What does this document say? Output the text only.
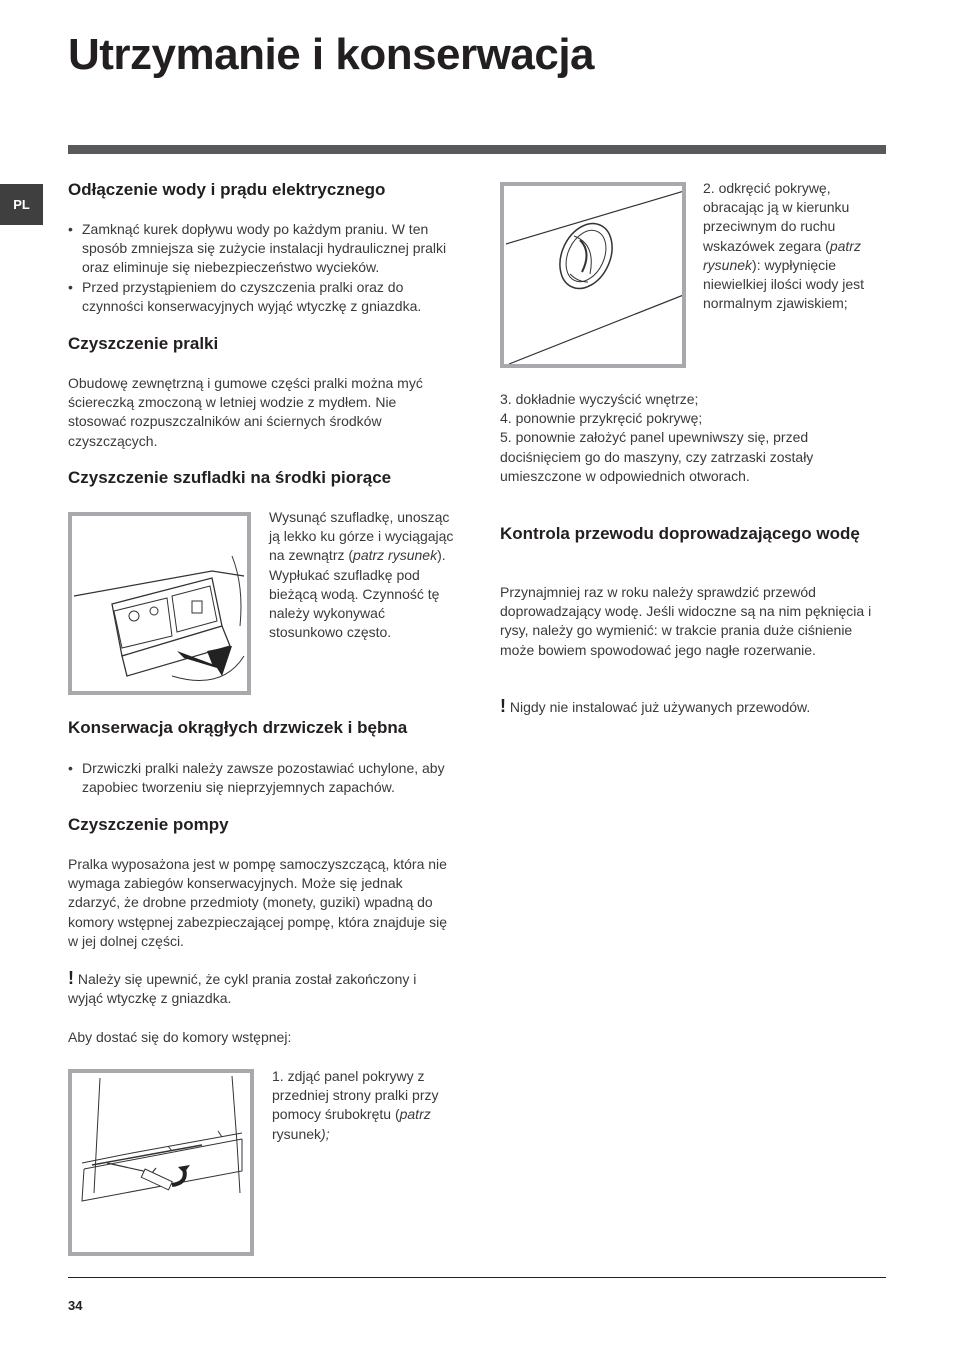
Utrzymanie i konserwacja
PL
Odłączenie wody i prądu elektrycznego
• Zamknąć kurek dopływu wody po każdym praniu. W ten sposób zmniejsza się zużycie instalacji hydraulicznej pralki oraz eliminuje się niebezpieczeństwo wycieków.
• Przed przystąpieniem do czyszczenia pralki oraz do czynności konserwacyjnych wyjąć wtyczkę z gniazdka.
Czyszczenie pralki

Obudowę zewnętrzną i gumowe części pralki można myć ściereczką zmoczoną w letniej wodzie z mydłem. Nie stosować rozpuszczalników ani ściernych środków czyszczących.

Czyszczenie szufladki na środki piorące

Wysunąć szufladkę, unosząc ją lekko ku górze i wyciągając na zewnątrz (patrz rysunek). Wypłukać szufladkę pod bieżącą wodą. Czynność tę należy wykonywać stosunkowo często.

Konserwacja okrągłych drzwiczek i bębna
• Drzwiczki pralki należy zawsze pozostawiać uchylone, aby zapobiec tworzeniu się nieprzyjemnych zapachów.
Czyszczenie pompy

Pralka wyposażona jest w pompę samoczyszczącą, która nie wymaga zabiegów konserwacyjnych. Może się jednak zdarzyć, że drobne przedmioty (monety, guziki) wpadną do komory wstępnej zabezpieczającej pompę, która znajduje się w jej dolnej części.

! Należy się upewnić, że cykl prania został zakończony i wyjąć wtyczkę z gniazdka.

Aby dostać się do komory wstępnej:

1. zdjąć panel pokrywy z przedniej strony pralki przy pomocy śrubokrętu (patrz rysunek);

2. odkręcić pokrywę, obracając ją w kierunku przeciwnym do ruchu wskazówek zegara (patrz rysunek): wypłynięcie niewielkiej ilości wody jest normalnym zjawiskiem;

3. dokładnie wyczyścić wnętrze;
4. ponownie przykręcić pokrywę;
5. ponownie założyć panel upewniwszy się, przed dociśnięciem go do maszyny, czy zatrzaski zostały umieszczone w odpowiednich otworach.
Kontrola przewodu doprowadzającego wodę

Przynajmniej raz w roku należy sprawdzić przewód doprowadzający wodę. Jeśli widoczne są na nim pęknięcia i rysy, należy go wymienić: w trakcie prania duże ciśnienie może bowiem spowodować jego nagłe rozerwanie.

! Nigdy nie instalować już używanych przewodów.

34
